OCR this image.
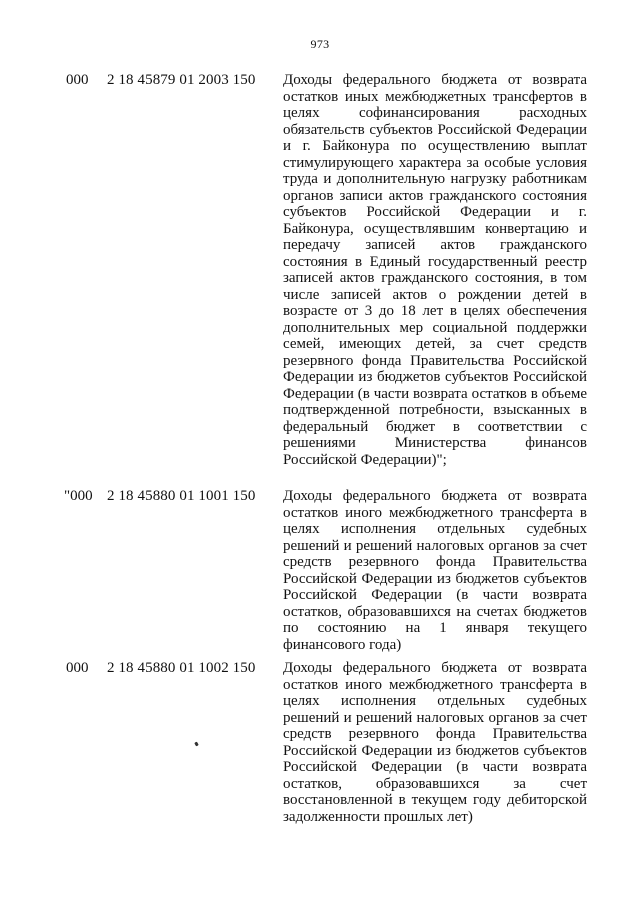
973
000 2 18 45879 01 2003 150 Доходы федерального бюджета от возврата остатков иных межбюджетных трансфертов в целях софинансирования расходных обязательств субъектов Российской Федерации и г. Байконура по осуществлению выплат стимулирующего характера за особые условия труда и дополнительную нагрузку работникам органов записи актов гражданского состояния субъектов Российской Федерации и г. Байконура, осуществлявшим конвертацию и передачу записей актов гражданского состояния в Единый государственный реестр записей актов гражданского состояния, в том числе записей актов о рождении детей в возрасте от 3 до 18 лет в целях обеспечения дополнительных мер социальной поддержки семей, имеющих детей, за счет средств резервного фонда Правительства Российской Федерации из бюджетов субъектов Российской Федерации (в части возврата остатков в объеме подтвержденной потребности, взысканных в федеральный бюджет в соответствии с решениями Министерства финансов Российской Федерации)";
"000 2 18 45880 01 1001 150 Доходы федерального бюджета от возврата остатков иного межбюджетного трансферта в целях исполнения отдельных судебных решений и решений налоговых органов за счет средств резервного фонда Правительства Российской Федерации из бюджетов субъектов Российской Федерации (в части возврата остатков, образовавшихся на счетах бюджетов по состоянию на 1 января текущего финансового года)
000 2 18 45880 01 1002 150 Доходы федерального бюджета от возврата остатков иного межбюджетного трансферта в целях исполнения отдельных судебных решений и решений налоговых органов за счет средств резервного фонда Правительства Российской Федерации из бюджетов субъектов Российской Федерации (в части возврата остатков, образовавшихся за счет восстановленной в текущем году дебиторской задолженности прошлых лет)
